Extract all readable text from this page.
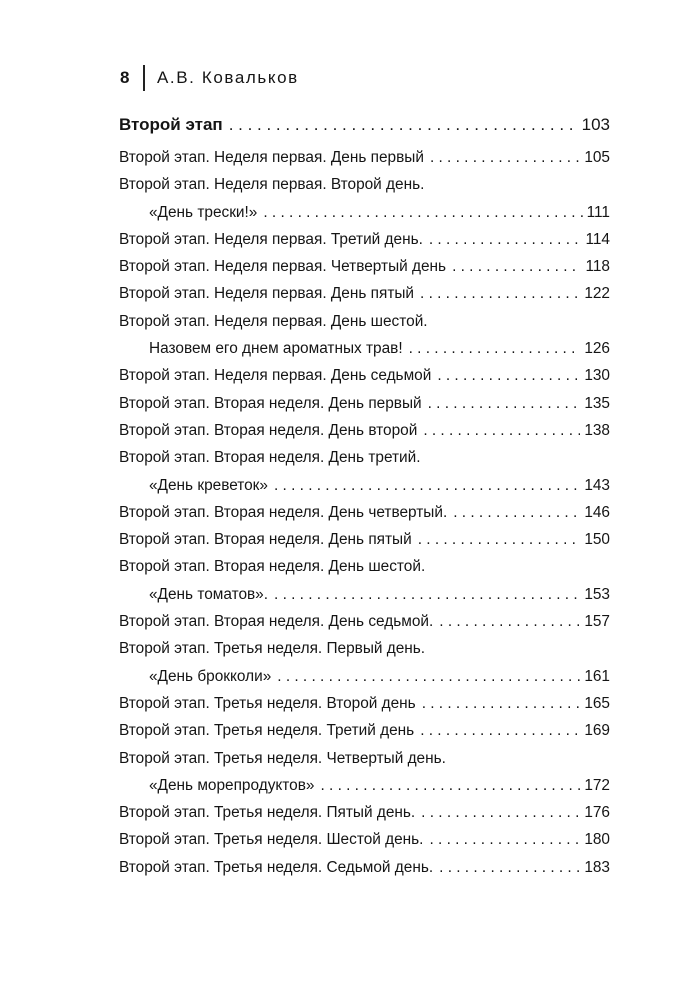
8 А.В. Ковальков
Второй этап . . .	103
Второй этап. Неделя первая. День первый . . .	105
Второй этап. Неделя первая. Второй день.
«День трески!» . . .	111
Второй этап. Неделя первая. Третий день. . . .	114
Второй этап. Неделя первая. Четвертый день . . .	118
Второй этап. Неделя первая. День пятый . . .	122
Второй этап. Неделя первая. День шестой.
Назовем его днем ароматных трав! . . .	126
Второй этап. Неделя первая. День седьмой . . .	130
Второй этап. Вторая неделя. День первый . . .	135
Второй этап. Вторая неделя. День второй . . .	138
Второй этап. Вторая неделя. День третий.
«День креветок» . . .	143
Второй этап. Вторая неделя. День четвертый. . . .	146
Второй этап. Вторая неделя. День пятый . . .	150
Второй этап. Вторая неделя. День шестой.
«День томатов». . . .	153
Второй этап. Вторая неделя. День седьмой. . . .	157
Второй этап. Третья неделя. Первый день.
«День брокколи» . . .	161
Второй этап. Третья неделя. Второй день . . .	165
Второй этап. Третья неделя. Третий день . . .	169
Второй этап. Третья неделя. Четвертый день.
«День морепродуктов» . . .	172
Второй этап. Третья неделя. Пятый день. . . .	176
Второй этап. Третья неделя. Шестой день. . . .	180
Второй этап. Третья неделя. Седьмой день. . . .	183
